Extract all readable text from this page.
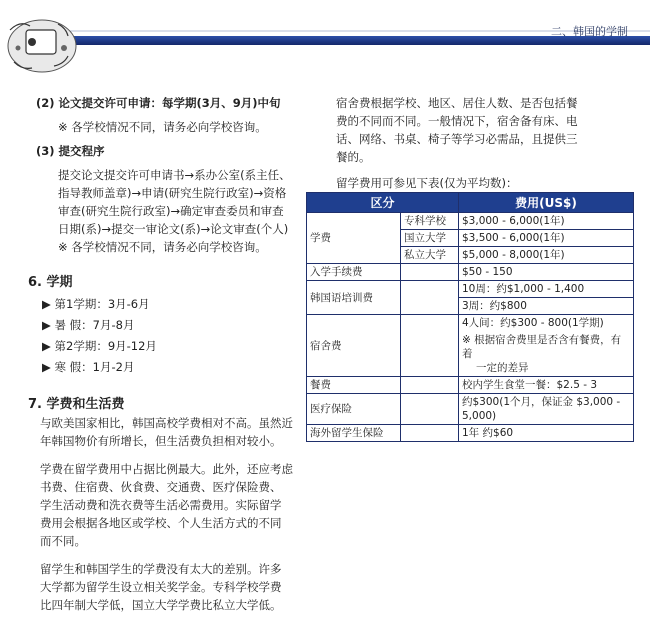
二、韩国的学制

(2) 论文提交许可申请：每学期(3月、9月)中旬

※ 各学校情况不同，请务必向学校咨询。

(3) 提交程序

提交论文提交许可申请书→系办公室(系主任、

指导教师盖章)→申请(研究生院行政室)→资格

审查(研究生院行政室)→确定审查委员和审查

日期(系)→提交一审论文(系)→论文审查(个人)

※ 各学校情况不同，请务必向学校咨询。

6. 学期

▶ 第1学期：3月-6月

▶ 暑 假：7月-8月

▶ 第2学期：9月-12月

▶ 寒 假：1月-2月

7. 学费和生活费

与欧美国家相比，韩国高校学费相对不高。虽然近

年韩国物价有所增长，但生活费负担相对较小。

学费在留学费用中占据比例最大。此外，还应考虑

书费、住宿费、伙食费、交通费、医疗保险费、

学生活动费和洗衣费等生活必需费用。实际留学

费用会根据各地区或学校、个人生活方式的不同

而不同。

留学生和韩国学生的学费没有太大的差别。许多

大学都为留学生设立相关奖学金。专科学校学费

比四年制大学低，国立大学学费比私立大学低。

宿舍费根据学校、地区、居住人数、是否包括餐

费的不同而不同。一般情况下，宿舍备有床、电

话、网络、书桌、椅子等学习必需品，且提供三

餐的。

留学费用可参见下表(仅为平均数)：

区分		费用(US$)
学费	专科学校	$3,000 - 6,000(1年)
	国立大学	$3,500 - 6,000(1年)
	私立大学	$5,000 - 8,000(1年)
入学手续费		$50 - 150
韩国语培训费		10周：约$1,000 - 1,400
		3周：约$800
宿舍费		4人间：约$300 - 800(1学期)
※ 根据宿舍费里是否含有餐费，有着
一定的差异

餐费		校内学生食堂一餐：$2.5 - 3
医疗保险		约$300(1个月，保证金 $3,000 - 5,000)
海外留学生保险		1年 约$60
